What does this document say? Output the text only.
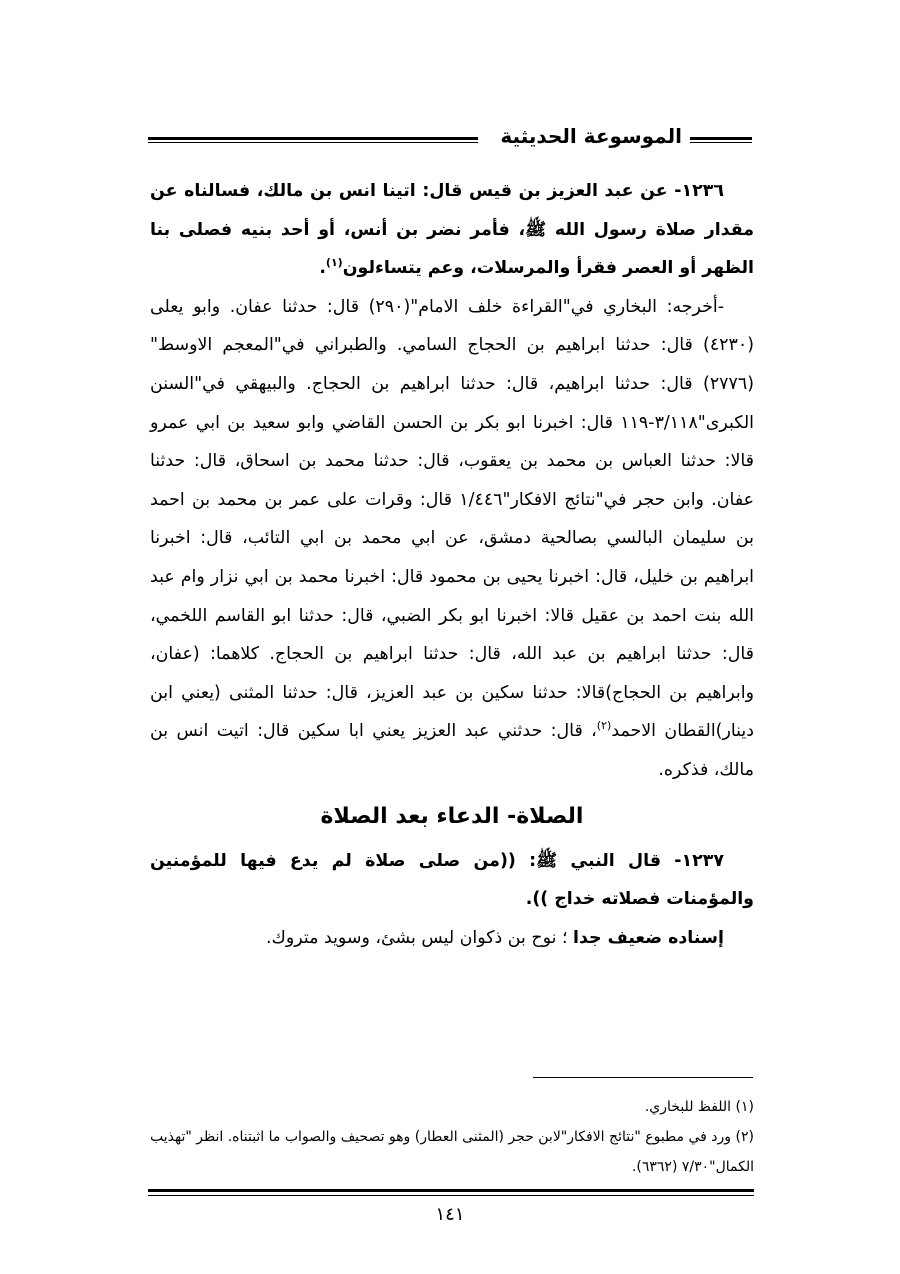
الموسوعة الحديثية

١٢٣٦- عن عبد العزيز بن قيس قال: اتينا انس بن مالك، فسالناه عن مقدار صلاة رسول الله ﷺ، فأمر نضر بن أنس، أو أحد بنيه فصلى بنا الظهر أو العصر فقرأ والمرسلات، وعم يتساءلون$^{(١)}$.

-أخرجه: البخاري في"القراءة خلف الامام"(٢٩٠) قال: حدثنا عفان. وابو يعلى (٤٢٣٠) قال: حدثنا ابراهيم بن الحجاج السامي. والطبراني في"المعجم الاوسط"(٢٧٧٦) قال: حدثنا ابراهيم، قال: حدثنا ابراهيم بن الحجاج. والبيهقي في"السنن الكبرى"٣/١١٨-١١٩ قال: اخبرنا ابو بكر بن الحسن القاضي وابو سعيد بن ابي عمرو قالا: حدثنا العباس بن محمد بن يعقوب، قال: حدثنا محمد بن اسحاق، قال: حدثنا عفان. وابن حجر في"نتائج الافكار"١/٤٤٦ قال: وقرات على عمر بن محمد بن احمد بن سليمان البالسي بصالحية دمشق، عن ابي محمد بن ابي التائب، قال: اخبرنا ابراهيم بن خليل، قال: اخبرنا يحيى بن محمود قال: اخبرنا محمد بن ابي نزار وام عبد الله بنت احمد بن عقيل قالا: اخبرنا ابو بكر الضبي، قال: حدثنا ابو القاسم اللخمي، قال: حدثنا ابراهيم بن عبد الله، قال: حدثنا ابراهيم بن الحجاج. كلاهما: (عفان، وابراهيم بن الحجاج)قالا: حدثنا سكين بن عبد العزيز، قال: حدثنا المثنى (يعني ابن دينار)القطان الاحمد$^{(٢)}$، قال: حدثني عبد العزيز يعني ابا سكين قال: اتيت انس بن مالك، فذكره.

الصلاة- الدعاء بعد الصلاة

١٢٣٧- قال النبي ﷺ: ((من صلى صلاة لم يدع فيها للمؤمنين والمؤمنات فصلاته خداج )).

إسناده ضعيف جدا ؛ نوح بن ذكوان ليس بشئ، وسويد متروك.

(١) اللفظ للبخاري.

(٢) ورد في مطبوع "نتائج الافكار"لابن حجر (المثنى العطار) وهو تصحيف والصواب ما اثبتناه. انظر "تهذيب الكمال"٧/٣٠ (٦٣٦٢).

١٤١
